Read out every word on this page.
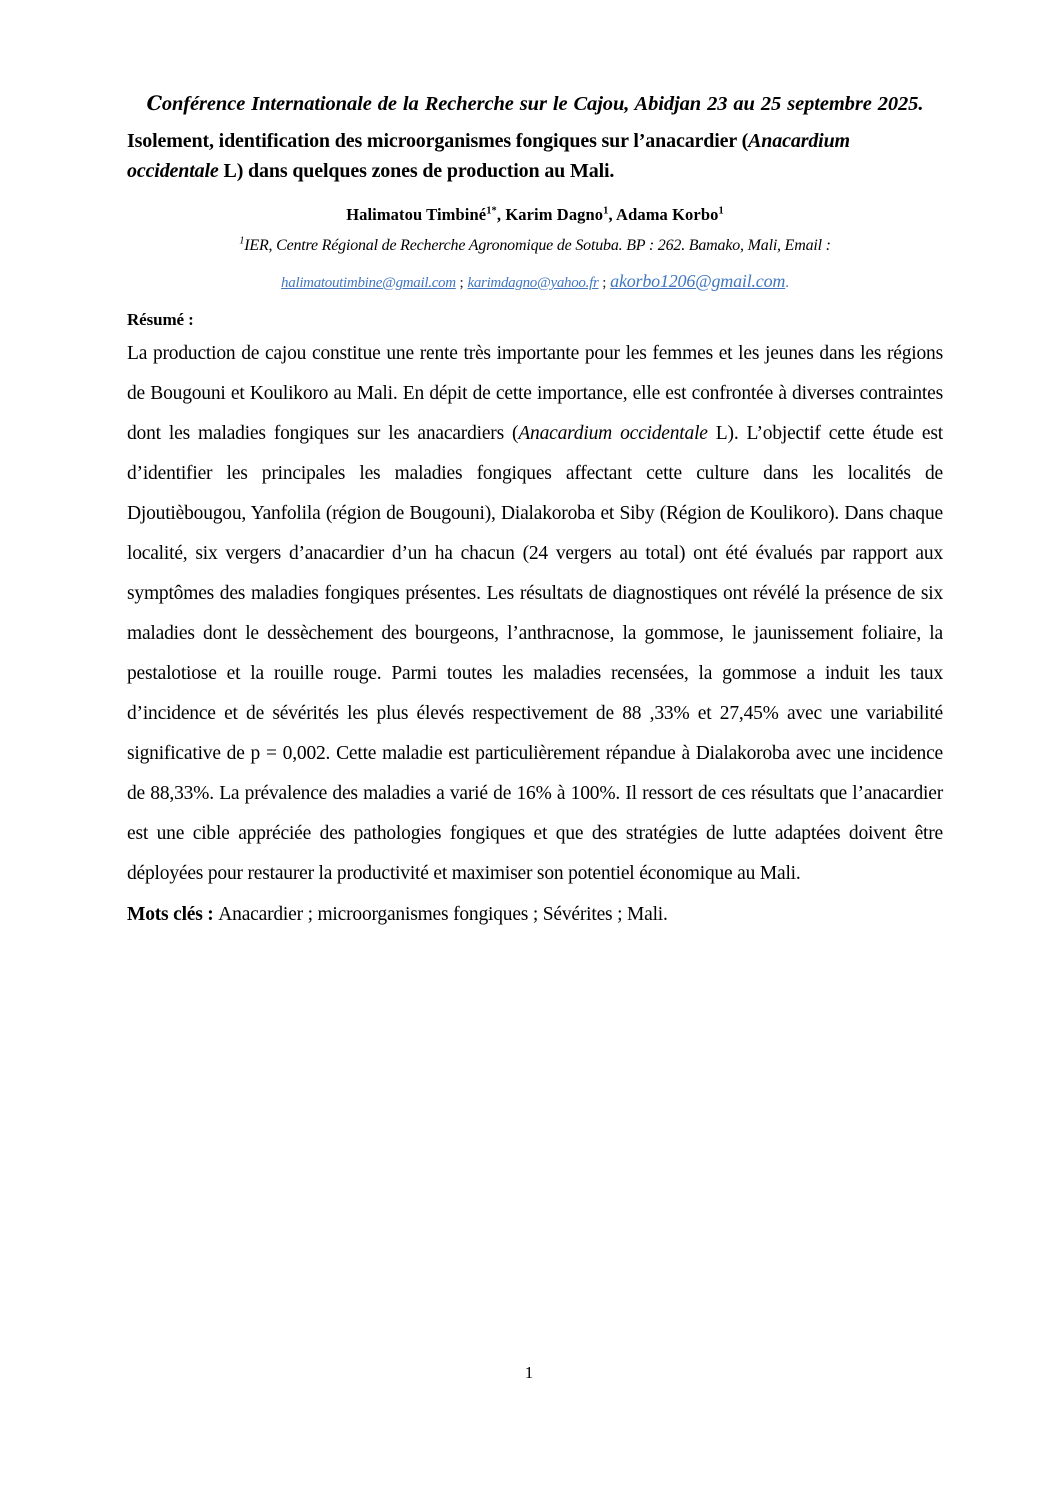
Conférence Internationale de la Recherche sur le Cajou, Abidjan 23 au 25 septembre 2025.
Isolement, identification des microorganismes fongiques sur l’anacardier (Anacardium occidentale L) dans quelques zones de production au Mali.

Halimatou Timbiné$^{1*}$, Karim Dagno$^1$, Adama Korbo$^1$

$^1$IER, Centre Régional de Recherche Agronomique de Sotuba. BP : 262. Bamako, Mali, Email :

halimatoutimbine@gmail.com ; karimdagno@yahoo.fr ; akorbo1206@gmail.com.

Résumé :

La production de cajou constitue une rente très importante pour les femmes et les jeunes dans les régions de Bougouni et Koulikoro au Mali. En dépit de cette importance, elle est confrontée à diverses contraintes dont les maladies fongiques sur les anacardiers (Anacardium occidentale L). L’objectif cette étude est d’identifier les principales les maladies fongiques affectant cette culture dans les localités de Djoutièbougou, Yanfolila (région de Bougouni), Dialakoroba et Siby (Région de Koulikoro). Dans chaque localité, six vergers d’anacardier d’un ha chacun (24 vergers au total) ont été évalués par rapport aux symptômes des maladies fongiques présentes. Les résultats de diagnostiques ont révélé la présence de six maladies dont le dessèchement des bourgeons, l’anthracnose, la gommose, le jaunissement foliaire, la pestalotiose et la rouille rouge. Parmi toutes les maladies recensées, la gommose a induit les taux d’incidence et de sévérités les plus élevés respectivement de 88 ,33% et 27,45% avec une variabilité significative de p = 0,002. Cette maladie est particulièrement répandue à Dialakoroba avec une incidence de 88,33%. La prévalence des maladies a varié de 16% à 100%. Il ressort de ces résultats que l’anacardier est une cible appréciée des pathologies fongiques et que des stratégies de lutte adaptées doivent être déployées pour restaurer la productivité et maximiser son potentiel économique au Mali.

Mots clés : Anacardier ; microorganismes fongiques ; Sévérites ; Mali.

1
